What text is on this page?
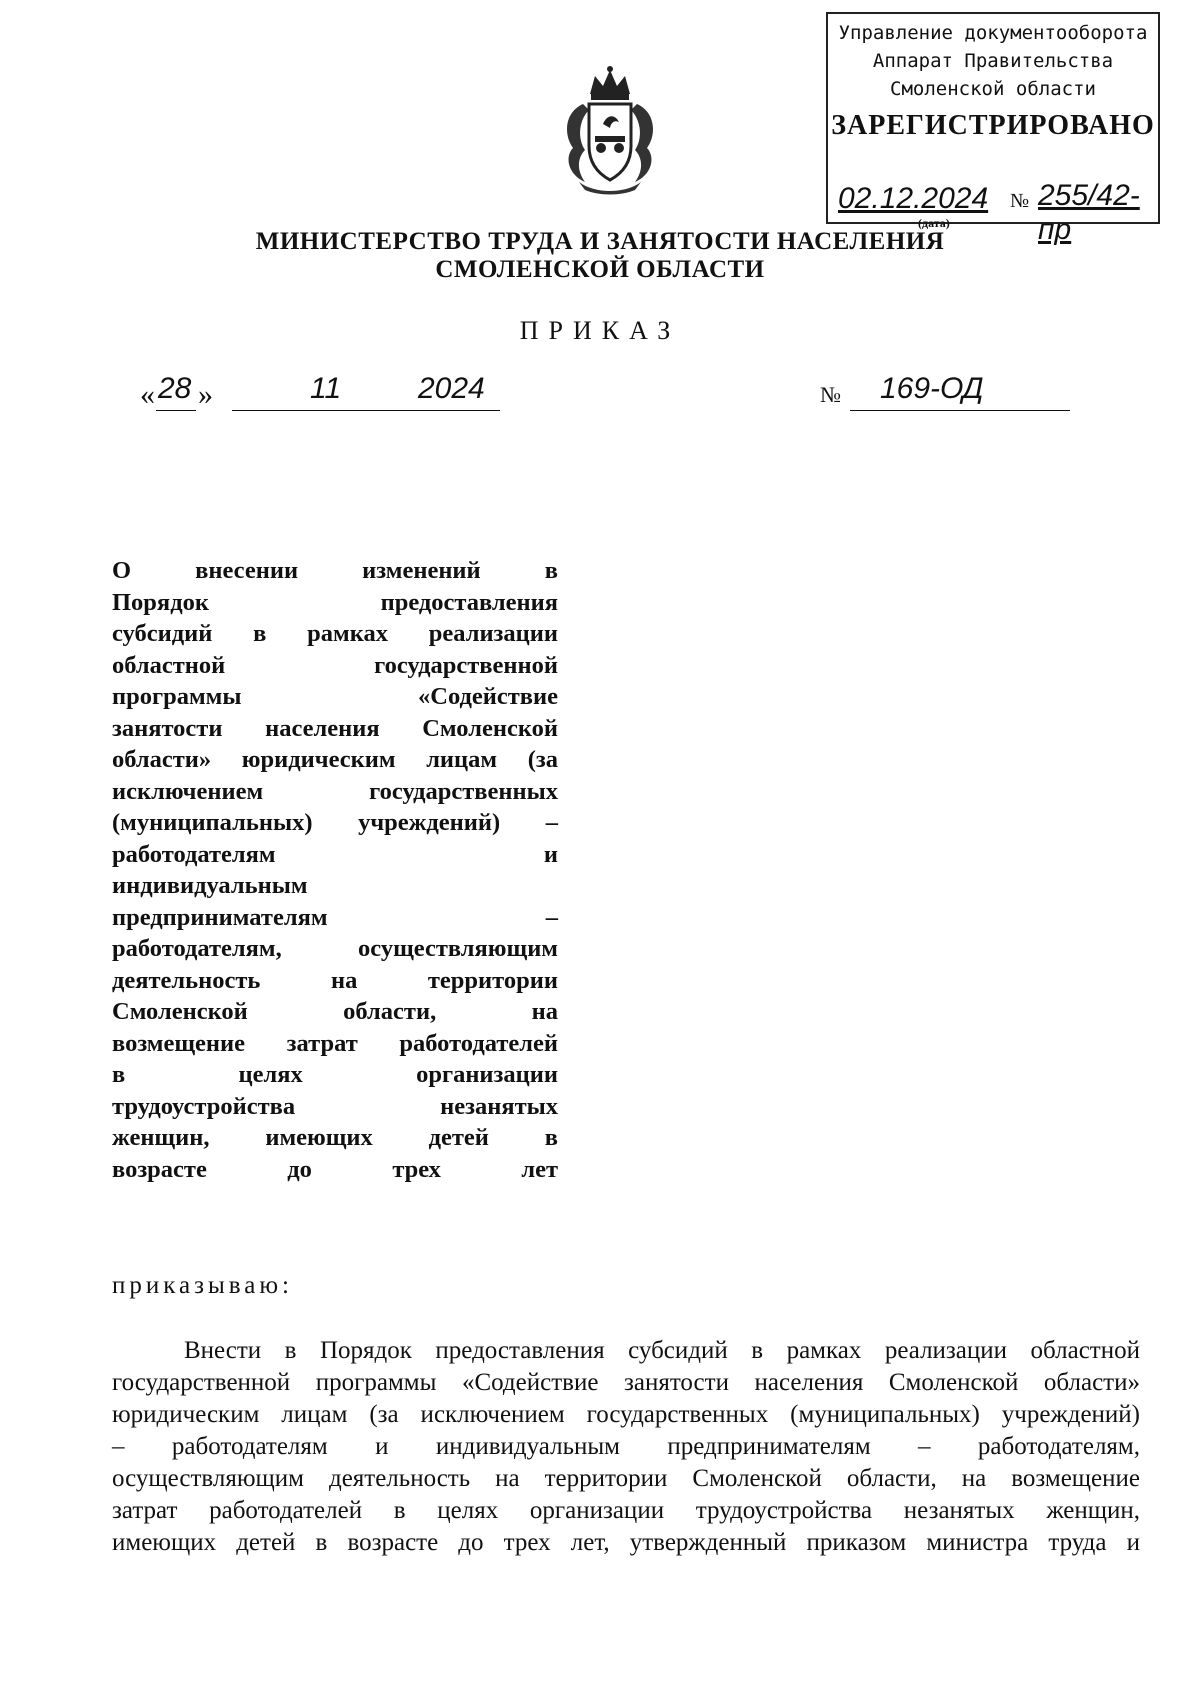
Управление документооборота
Аппарат Правительства
Смоленской области
ЗАРЕГИСТРИРОВАНО
02.12.2024 № 255/42-пр
(дата)
МИНИСТЕРСТВО ТРУДА И ЗАНЯТОСТИ НАСЕЛЕНИЯ
СМОЛЕНСКОЙ ОБЛАСТИ
ПРИКАЗ
« 28 »	11	2024	№ 169-ОД
О внесении изменений в
Порядок предоставления
субсидий в рамках реализации
областной государственной
программы «Содействие
занятости населения Смоленской
области» юридическим лицам (за
исключением государственных
(муниципальных) учреждений) –
работодателям и
индивидуальным
предпринимателям –
работодателям, осуществляющим
деятельность на территории
Смоленской области, на
возмещение затрат работодателей
в целях организации
трудоустройства незанятых
женщин, имеющих детей в
возрасте до трех лет
приказываю:
Внести в Порядок предоставления субсидий в рамках реализации областной
государственной программы «Содействие занятости населения Смоленской области»
юридическим лицам (за исключением государственных (муниципальных) учреждений)
– работодателям и индивидуальным предпринимателям – работодателям,
осуществляющим деятельность на территории Смоленской области, на возмещение
затрат работодателей в целях организации трудоустройства незанятых женщин,
имеющих детей в возрасте до трех лет, утвержденный приказом министра труда и
